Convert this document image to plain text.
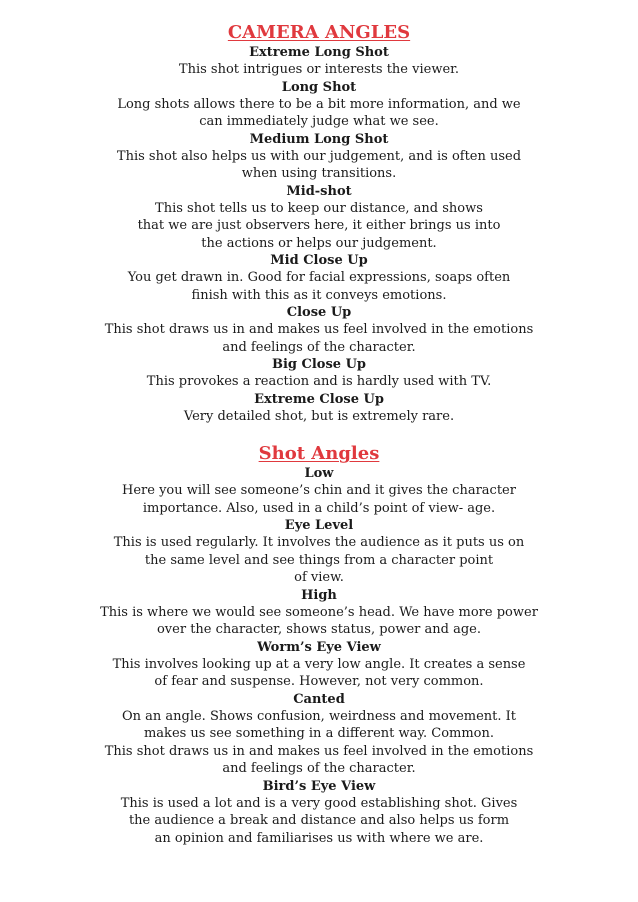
CAMERA ANGLES
Extreme Long Shot
This shot intrigues or interests the viewer.
Long Shot
Long shots allows there to be a bit more information, and we
can immediately judge what we see.
Medium Long Shot
This shot also helps us with our judgement, and is often used
when using transitions.
Mid-shot
This shot tells us to keep our distance, and shows
that we are just observers here, it either brings us into
the actions or helps our judgement.
Mid Close Up
You get drawn in. Good for facial expressions, soaps often
finish with this as it conveys emotions.
Close Up
This shot draws us in and makes us feel involved in the emotions
and feelings of the character.
Big Close Up
This provokes a reaction and is hardly used with TV.
Extreme Close Up
Very detailed shot, but is extremely rare.
Shot Angles
Low
Here you will see someone’s chin and it gives the character
importance. Also, used in a child’s point of view- age.
Eye Level
This is used regularly. It involves the audience as it puts us on
the same level and see things from a character point
of view.
High
This is where we would see someone’s head. We have more power
over the character, shows status, power and age.
Worm’s Eye View
This involves looking up at a very low angle. It creates a sense
of fear and suspense. However, not very common.
Canted
On an angle. Shows confusion, weirdness and movement. It
makes us see something in a different way. Common.
This shot draws us in and makes us feel involved in the emotions
and feelings of the character.
Bird’s Eye View
This is used a lot and is a very good establishing shot. Gives
the audience a break and distance and also helps us form
an opinion and familiarises us with where we are.
